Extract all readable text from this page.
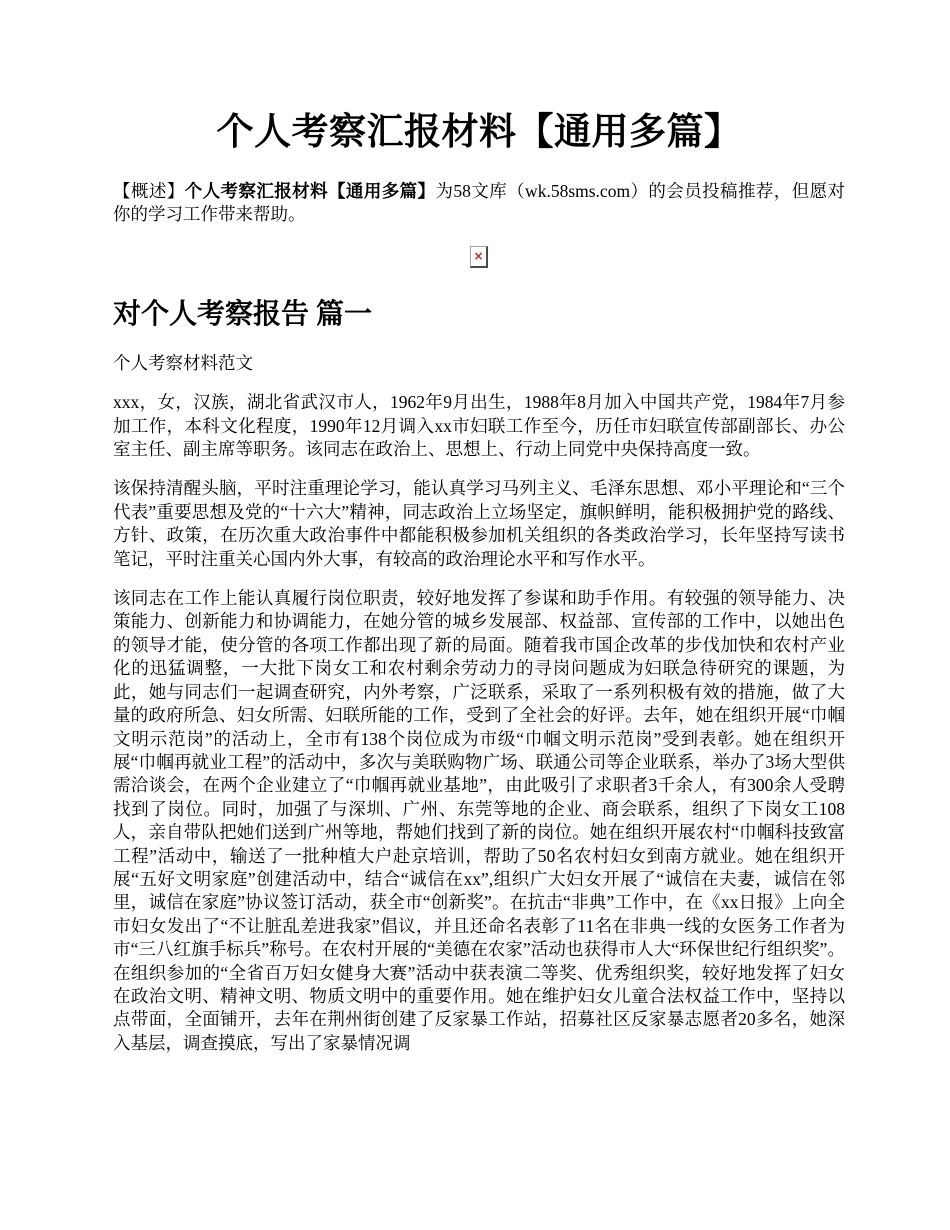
个人考察汇报材料【通用多篇】

【概述】个人考察汇报材料【通用多篇】为58文库（wk.58sms.com）的会员投稿推荐，但愿对你的学习工作带来帮助。

×

对个人考察报告 篇一

个人考察材料范文

xxx，女，汉族，湖北省武汉市人，1962年9月出生，1988年8月加入中国共产党，1984年7月参加工作，本科文化程度，1990年12月调入xx市妇联工作至今，历任市妇联宣传部副部长、办公室主任、副主席等职务。该同志在政治上、思想上、行动上同党中央保持高度一致。

该保持清醒头脑，平时注重理论学习，能认真学习马列主义、毛泽东思想、邓小平理论和“三个代表”重要思想及党的“十六大”精神，同志政治上立场坚定，旗帜鲜明，能积极拥护党的路线、方针、政策，在历次重大政治事件中都能积极参加机关组织的各类政治学习，长年坚持写读书笔记，平时注重关心国内外大事，有较高的政治理论水平和写作水平。

该同志在工作上能认真履行岗位职责，较好地发挥了参谋和助手作用。有较强的领导能力、决策能力、创新能力和协调能力，在她分管的城乡发展部、权益部、宣传部的工作中，以她出色的领导才能，使分管的各项工作都出现了新的局面。随着我市国企改革的步伐加快和农村产业化的迅猛调整，一大批下岗女工和农村剩余劳动力的寻岗问题成为妇联急待研究的课题，为此，她与同志们一起调查研究，内外考察，广泛联系，采取了一系列积极有效的措施，做了大量的政府所急、妇女所需、妇联所能的工作，受到了全社会的好评。去年，她在组织开展“巾帼文明示范岗”的活动上，全市有138个岗位成为市级“巾帼文明示范岗”受到表彰。她在组织开展“巾帼再就业工程”的活动中，多次与美联购物广场、联通公司等企业联系，举办了3场大型供需洽谈会，在两个企业建立了“巾帼再就业基地”，由此吸引了求职者3千余人，有300余人受聘找到了岗位。同时，加强了与深圳、广州、东莞等地的企业、商会联系，组织了下岗女工108人，亲自带队把她们送到广州等地，帮她们找到了新的岗位。她在组织开展农村“巾帼科技致富工程”活动中，输送了一批种植大户赴京培训，帮助了50名农村妇女到南方就业。她在组织开展“五好文明家庭”创建活动中，结合“诚信在xx”,组织广大妇女开展了“诚信在夫妻，诚信在邻里，诚信在家庭”协议签订活动，获全市“创新奖”。在抗击“非典”工作中，在《xx日报》上向全市妇女发出了“不让脏乱差进我家”倡议，并且还命名表彰了11名在非典一线的女医务工作者为市“三八红旗手标兵”称号。在农村开展的“美德在农家”活动也获得市人大“环保世纪行组织奖”。在组织参加的“全省百万妇女健身大赛”活动中获表演二等奖、优秀组织奖，较好地发挥了妇女在政治文明、精神文明、物质文明中的重要作用。她在维护妇女儿童合法权益工作中，坚持以点带面，全面铺开，去年在荆州街创建了反家暴工作站，招募社区反家暴志愿者20多名，她深入基层，调查摸底，写出了家暴情况调
